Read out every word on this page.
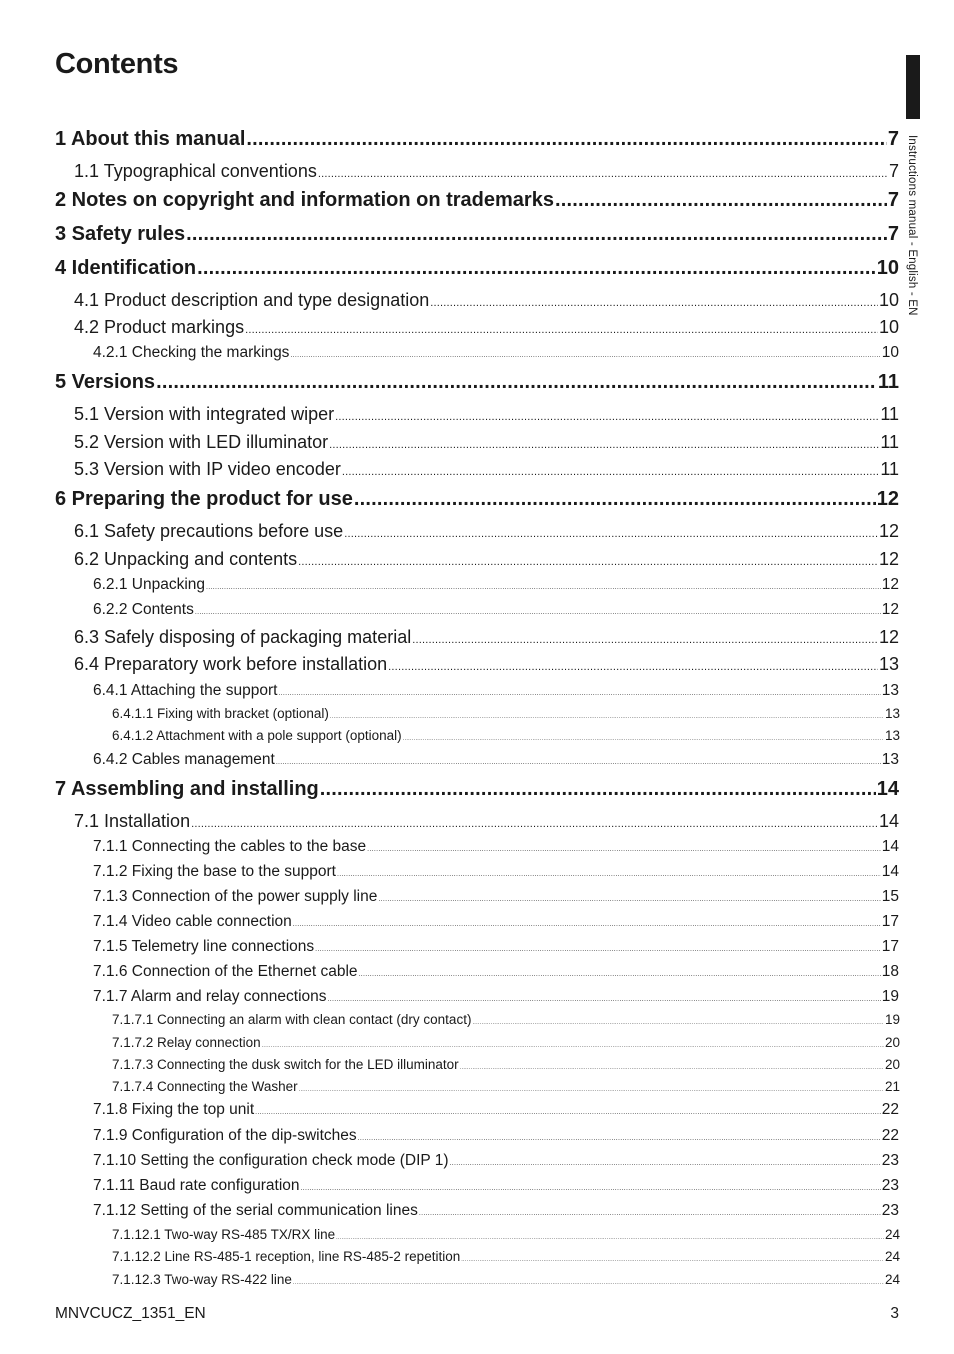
Contents
Instructions manual - English - EN
1 About this manual .....	7
1.1 Typographical conventions .....	7
2 Notes on copyright and information on trademarks .....	7
3 Safety rules .....	7
4 Identification .....	10
4.1 Product description and type designation .....	10
4.2 Product markings .....	10
4.2.1 Checking the markings .....	10
5 Versions .....	11
5.1 Version with integrated wiper .....	11
5.2 Version with LED illuminator .....	11
5.3 Version with IP video encoder .....	11
6 Preparing the product for use .....	12
6.1 Safety precautions before use .....	12
6.2 Unpacking and contents .....	12
6.2.1 Unpacking .....	12
6.2.2 Contents .....	12
6.3 Safely disposing of packaging material .....	12
6.4 Preparatory work before installation .....	13
6.4.1 Attaching the support .....	13
6.4.1.1 Fixing with bracket (optional) .....	13
6.4.1.2 Attachment with a pole support (optional) .....	13
6.4.2 Cables management .....	13
7 Assembling and installing .....	14
7.1 Installation .....	14
7.1.1 Connecting the cables to the base .....	14
7.1.2 Fixing the base to the support .....	14
7.1.3 Connection of the power supply line .....	15
7.1.4 Video cable connection .....	17
7.1.5 Telemetry line connections .....	17
7.1.6 Connection of the Ethernet cable .....	18
7.1.7 Alarm and relay connections .....	19
7.1.7.1 Connecting an alarm with clean contact (dry contact) .....	19
7.1.7.2 Relay connection .....	20
7.1.7.3 Connecting the dusk switch for the LED illuminator .....	20
7.1.7.4 Connecting the Washer .....	21
7.1.8 Fixing the top unit .....	22
7.1.9 Configuration of the dip-switches .....	22
7.1.10 Setting the configuration check mode (DIP 1) .....	23
7.1.11 Baud rate configuration .....	23
7.1.12 Setting of the serial communication lines .....	23
7.1.12.1 Two-way RS-485 TX/RX line .....	24
7.1.12.2 Line RS-485-1 reception, line RS-485-2 repetition .....	24
7.1.12.3 Two-way RS-422 line .....	24
MNVCUCZ_1351_EN	3
